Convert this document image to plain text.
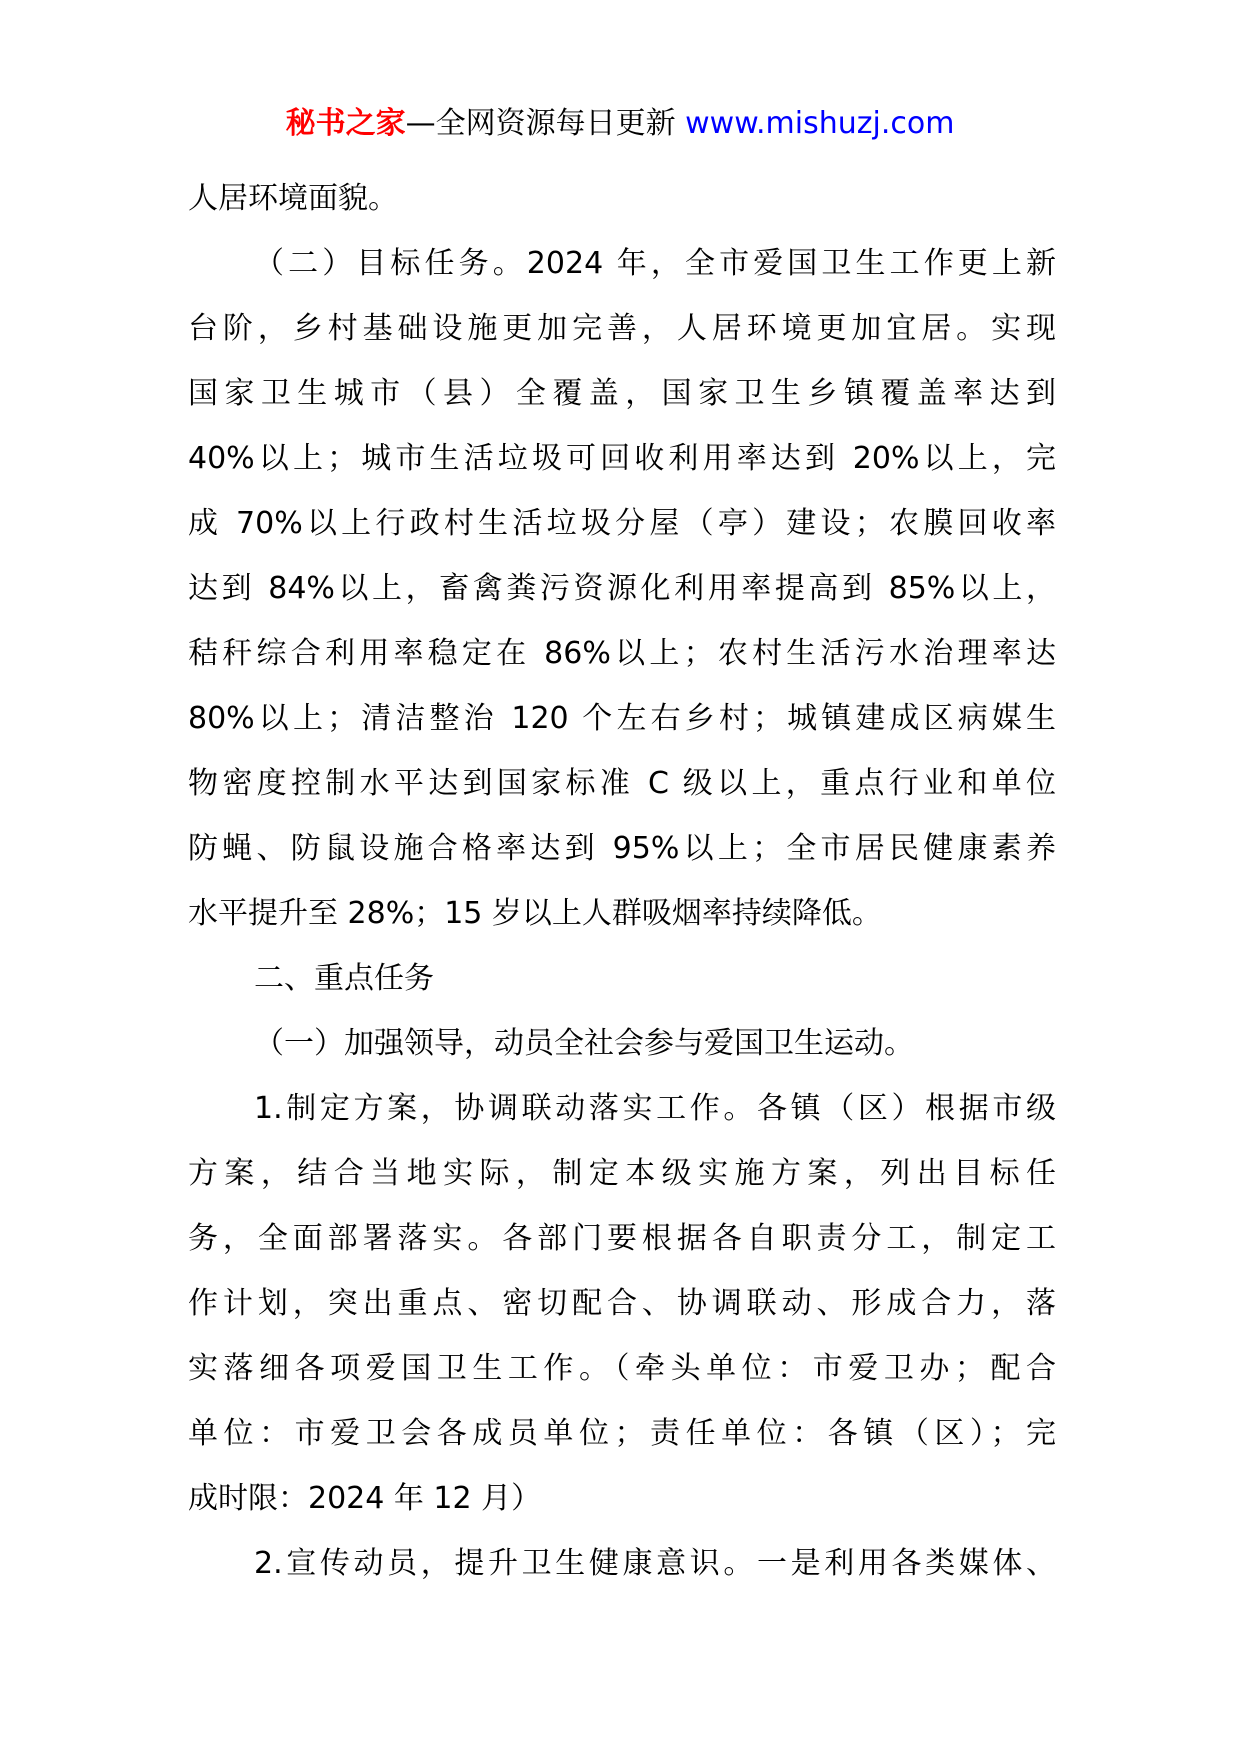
秘书之家—全网资源每日更新 www.mishuzj.com
人居环境面貌。
（二）目标任务。2024 年，全市爱国卫生工作更上新
台阶，乡村基础设施更加完善，人居环境更加宜居。实现
国家卫生城市（县）全覆盖，国家卫生乡镇覆盖率达到
40%以上；城市生活垃圾可回收利用率达到 20%以上，完
成 70%以上行政村生活垃圾分屋（亭）建设；农膜回收率
达到 84%以上，畜禽粪污资源化利用率提高到 85%以上，
秸秆综合利用率稳定在 86%以上；农村生活污水治理率达
80%以上；清洁整治 120 个左右乡村；城镇建成区病媒生
物密度控制水平达到国家标准 C 级以上，重点行业和单位
防蝇、防鼠设施合格率达到 95%以上；全市居民健康素养
水平提升至 28%；15 岁以上人群吸烟率持续降低。
二、重点任务
（一）加强领导，动员全社会参与爱国卫生运动。
1.制定方案，协调联动落实工作。各镇（区）根据市级
方案，结合当地实际，制定本级实施方案，列出目标任
务，全面部署落实。各部门要根据各自职责分工，制定工
作计划，突出重点、密切配合、协调联动、形成合力，落
实落细各项爱国卫生工作。（牵头单位：市爱卫办；配合
单位：市爱卫会各成员单位；责任单位：各镇（区）；完
成时限：2024 年 12 月）
2.宣传动员，提升卫生健康意识。一是利用各类媒体、
